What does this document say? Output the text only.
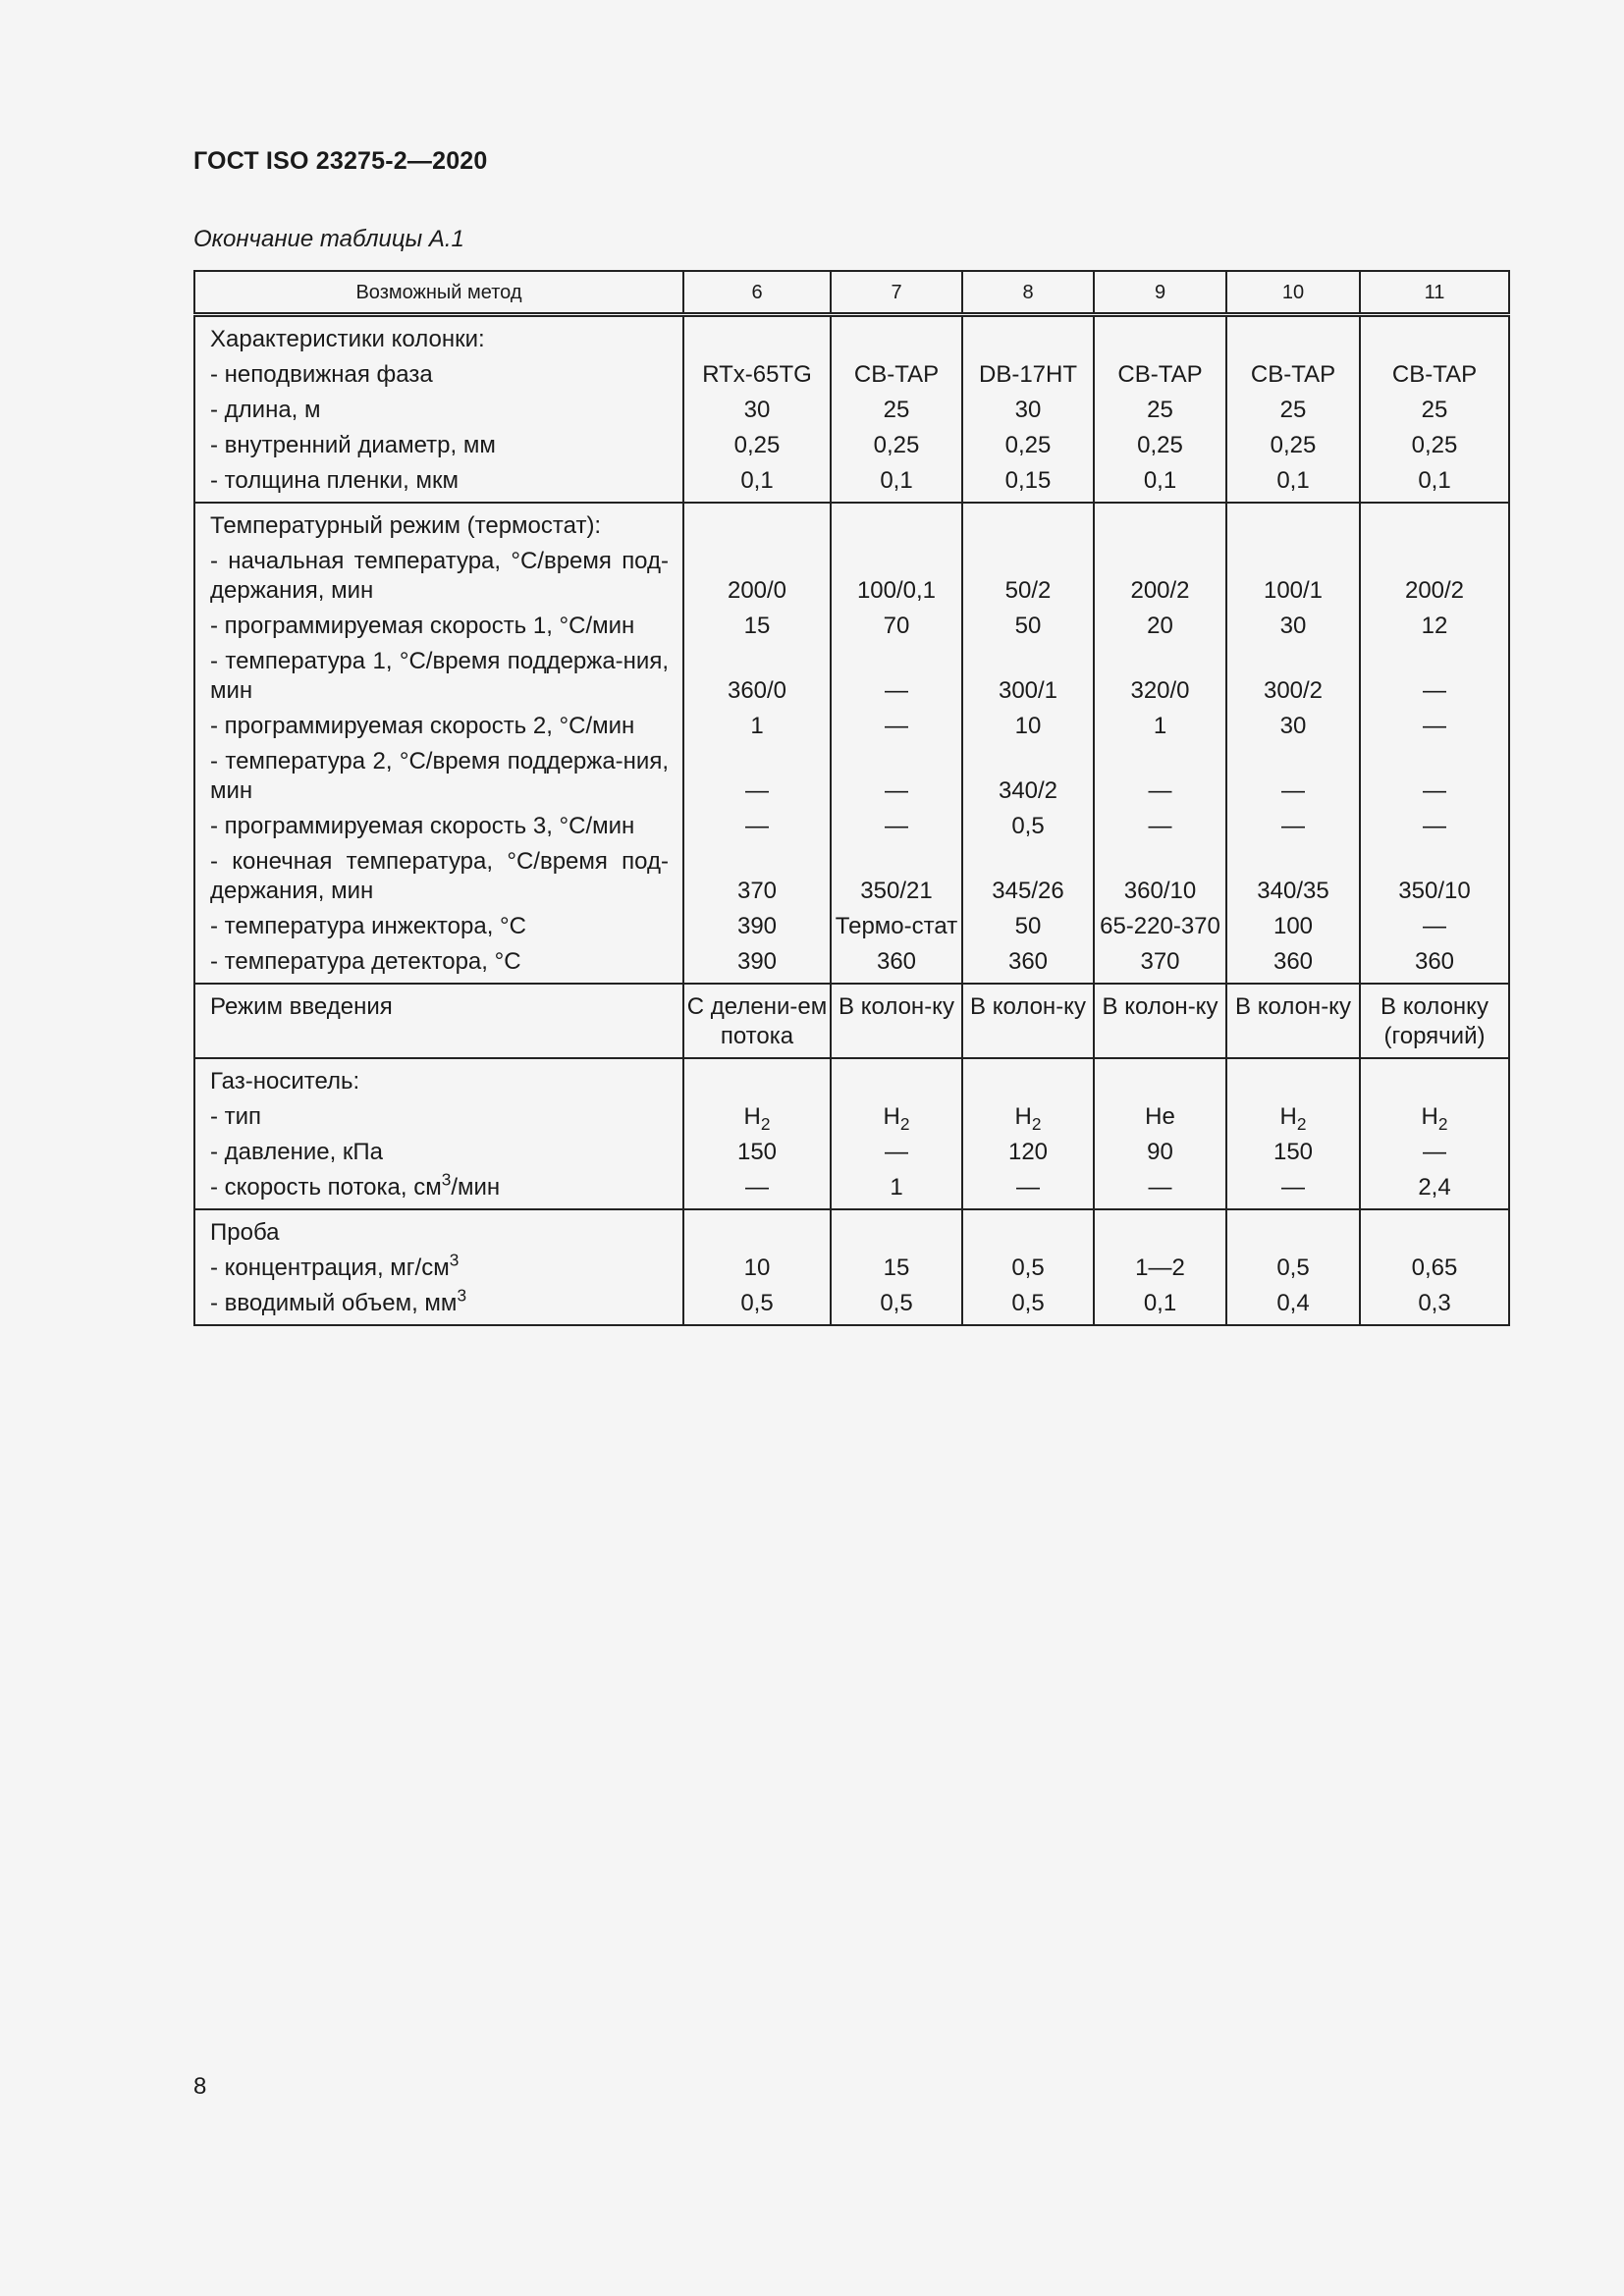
ГОСТ ISO 23275-2—2020
Окончание таблицы А.1
Возможный метод	6	7	8	9	10	11
Характеристики колонки:						
- неподвижная фаза	RTx-65TG	CB-TAP	DB-17HT	CB-TAP	CB-TAP	CB-TAP
- длина, м	30	25	30	25	25	25
- внутренний диаметр, мм	0,25	0,25	0,25	0,25	0,25	0,25
- толщина пленки, мкм	0,1	0,1	0,15	0,1	0,1	0,1
Температурный режим (термостат):						
- начальная температура, °С/время под-держания, мин	200/0	100/0,1	50/2	200/2	100/1	200/2
- программируемая скорость 1, °С/мин	15	70	50	20	30	12
- температура 1, °С/время поддержа-ния, мин	360/0	—	300/1	320/0	300/2	—
- программируемая скорость 2, °С/мин	1	—	10	1	30	—
- температура 2, °С/время поддержа-ния, мин	—	—	340/2	—	—	—
- программируемая скорость 3, °С/мин	—	—	0,5	—	—	—
- конечная температура, °С/время под-держания, мин	370	350/21	345/26	360/10	340/35	350/10
- температура инжектора, °С	390	Термо-стат	50	65-220-370	100	—
- температура детектора, °С	390	360	360	370	360	360
Режим введения	С делени-ем потока	В колон-ку	В колон-ку	В колон-ку	В колон-ку	В колонку (горячий)
Газ-носитель:						
- тип	$H_2$	$H_2$	$H_2$	He	$H_2$	$H_2$
- давление, кПа	150	—	120	90	150	—
- скорость потока, $см^3$/мин	—	1	—	—	—	2,4
Проба						
- концентрация, $мг/см^3$	10	15	0,5	1—2	0,5	0,65
- вводимый объем, $мм^3$	0,5	0,5	0,5	0,1	0,4	0,3
8
